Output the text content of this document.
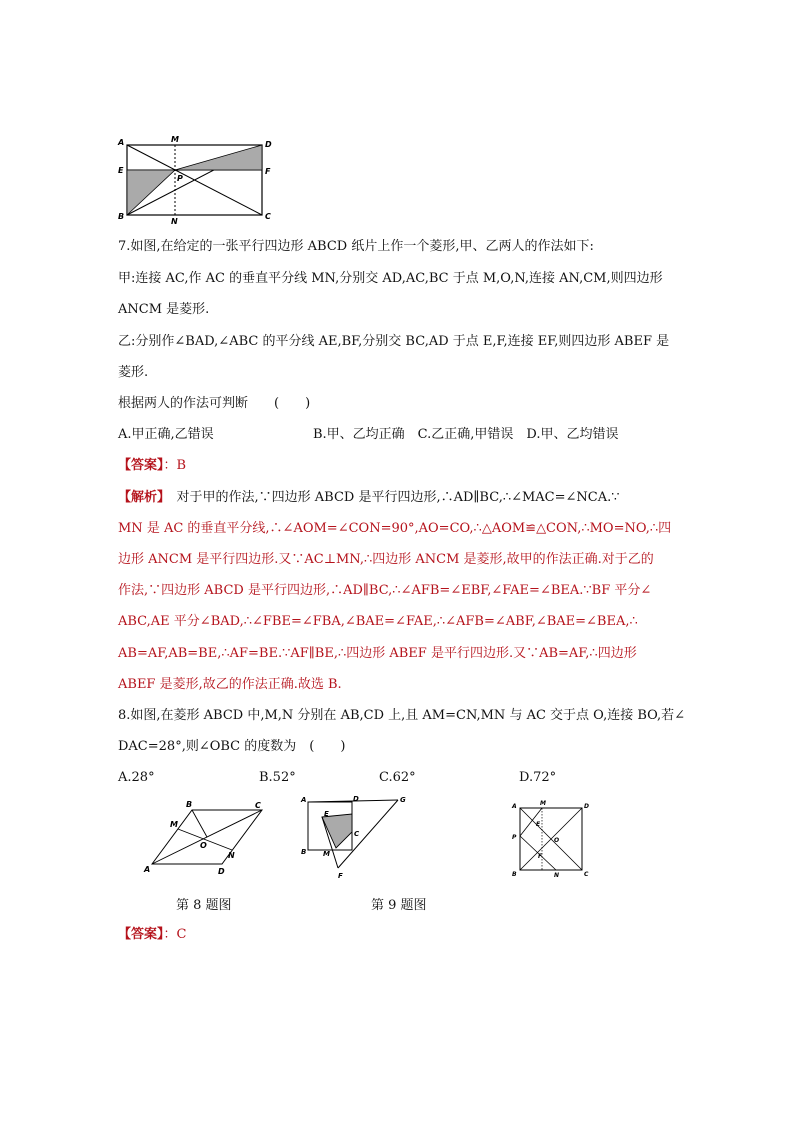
A	M
D
E
P
F
B
N
C
7.如图,在给定的一张平行四边形 ABCD 纸片上作一个菱形,甲、乙两人的作法如下:
甲:连接 AC,作 AC 的垂直平分线 MN,分别交 AD,AC,BC 于点 M,O,N,连接 AN,CM,则四边形
ANCM 是菱形.
乙:分别作∠BAD,∠ABC 的平分线 AE,BF,分别交 BC,AD 于点 E,F,连接 EF,则四边形 ABEF 是
菱形.
根据两人的作法可判断　　(　　)
A.甲正确,乙错误	B.甲、乙均正确　C.乙正确,甲错误　D.甲、乙均错误
【答案】：B
【解析】　对于甲的作法,∵四边形 ABCD 是平行四边形,∴AD∥BC,∴∠MAC=∠NCA.∵
MN 是 AC 的垂直平分线,∴∠AOM=∠CON=90°,AO=CO,∴△AOM≌△CON,∴MO=NO,∴四
边形 ANCM 是平行四边形.又∵AC⊥MN,∴四边形 ANCM 是菱形,故甲的作法正确.对于乙的
作法,∵四边形 ABCD 是平行四边形,∴AD∥BC,∴∠AFB=∠EBF,∠FAE=∠BEA.∵BF 平分∠
ABC,AE 平分∠BAD,∴∠FBE=∠FBA,∠BAE=∠FAE,∴∠AFB=∠ABF,∠BAE=∠BEA,∴
AB=AF,AB=BE,∴AF=BE.∵AF∥BE,∴四边形 ABEF 是平行四边形.又∵AB=AF,∴四边形
ABEF 是菱形,故乙的作法正确.故选 B.
8.如图,在菱形 ABCD 中,M,N 分别在 AB,CD 上,且 AM=CN,MN 与 AC 交于点 O,连接 BO,若∠
DAC=28°,则∠OBC 的度数为　(　　)
A.28°	B.52°	C.62°	D.72°
A
B	C
D
M
N
O
A	D	G
E
C
B M
F
A	M	D
P	O
E
F
B	N	C
第 8 题图	第 9 题图
【答案】：C
